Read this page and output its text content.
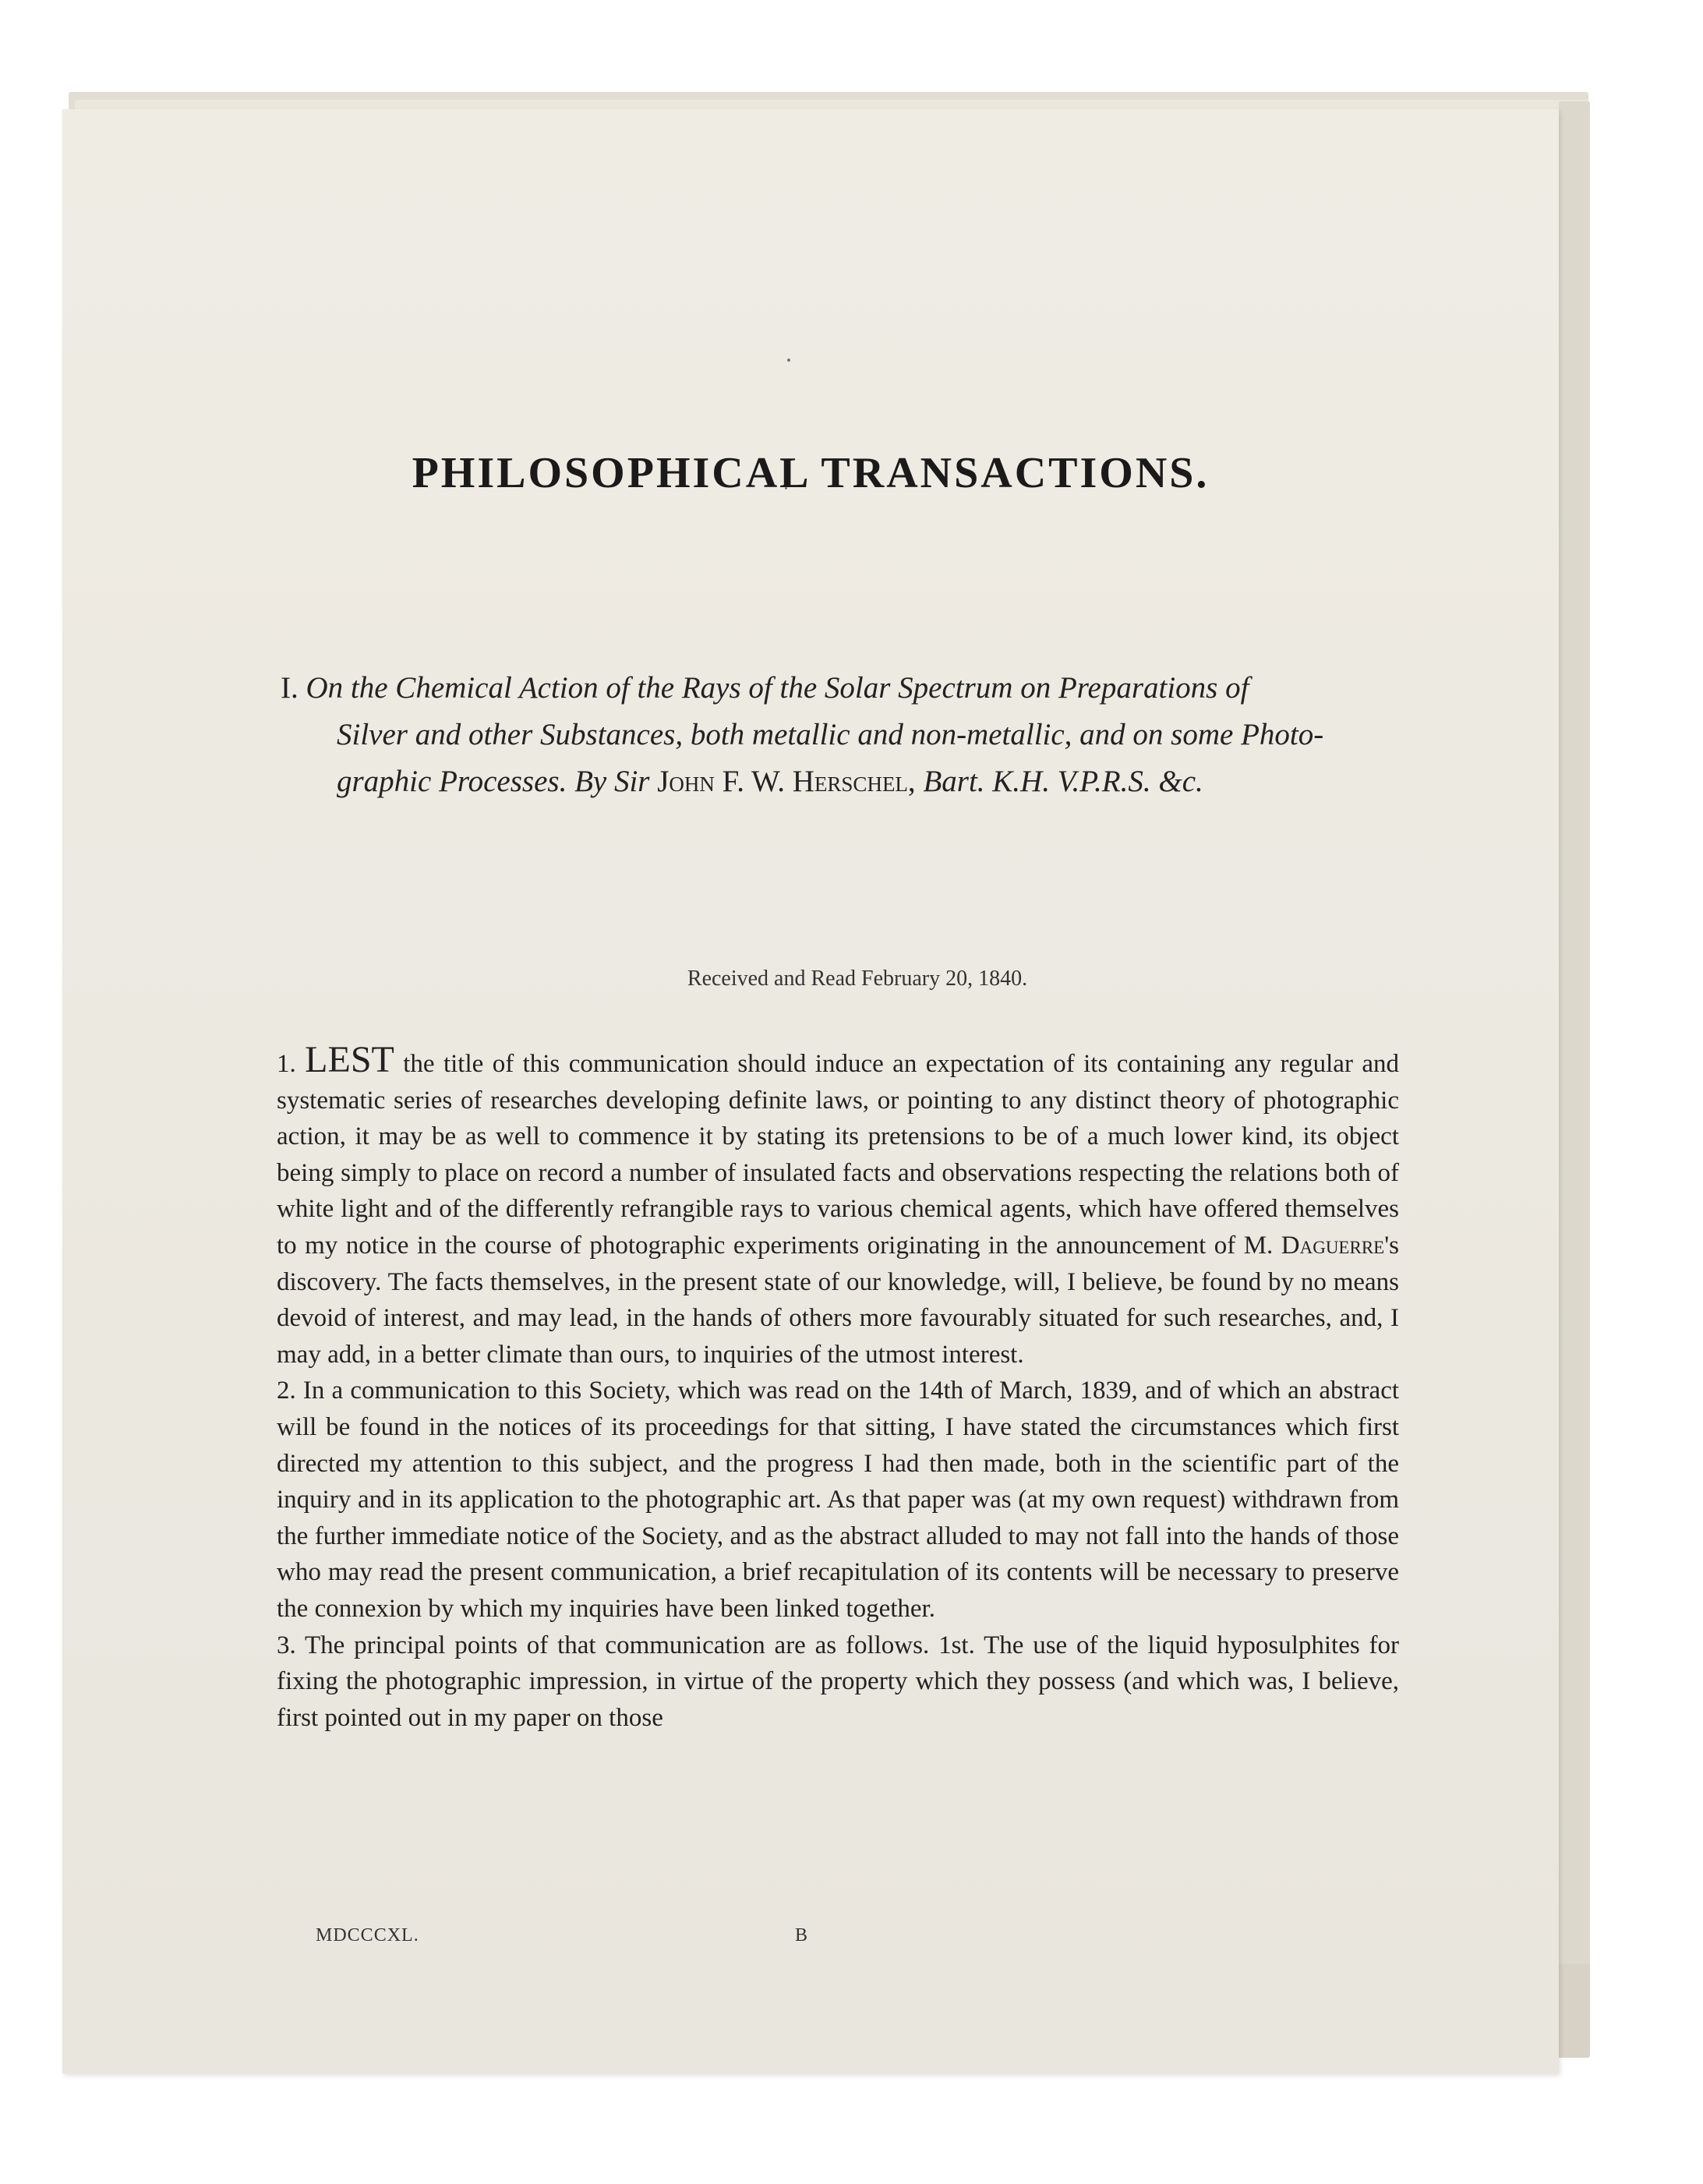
PHILOSOPHICAL TRANSACTIONS.
I. On the Chemical Action of the Rays of the Solar Spectrum on Preparations of
Silver and other Substances, both metallic and non-metallic, and on some Photo-
graphic Processes. By Sir John F. W. Herschel, Bart. K.H. V.P.R.S. &c.
Received and Read February 20, 1840.

1. LEST the title of this communication should induce an expectation of its containing any regular and systematic series of researches developing definite laws, or pointing to any distinct theory of photographic action, it may be as well to commence it by stating its pretensions to be of a much lower kind, its object being simply to place on record a number of insulated facts and observations respecting the relations both of white light and of the differently refrangible rays to various chemical agents, which have offered themselves to my notice in the course of photographic experiments originating in the announcement of M. Daguerre's discovery. The facts themselves, in the present state of our knowledge, will, I believe, be found by no means devoid of interest, and may lead, in the hands of others more favourably situated for such researches, and, I may add, in a better climate than ours, to inquiries of the utmost interest.

2. In a communication to this Society, which was read on the 14th of March, 1839, and of which an abstract will be found in the notices of its proceedings for that sitting, I have stated the circumstances which first directed my attention to this subject, and the progress I had then made, both in the scientific part of the inquiry and in its application to the photographic art. As that paper was (at my own request) withdrawn from the further immediate notice of the Society, and as the abstract alluded to may not fall into the hands of those who may read the present communication, a brief recapitulation of its contents will be necessary to preserve the connexion by which my inquiries have been linked together.

3. The principal points of that communication are as follows. 1st. The use of the liquid hyposulphites for fixing the photographic impression, in virtue of the property which they possess (and which was, I believe, first pointed out in my paper on those

MDCCCXL.	B
